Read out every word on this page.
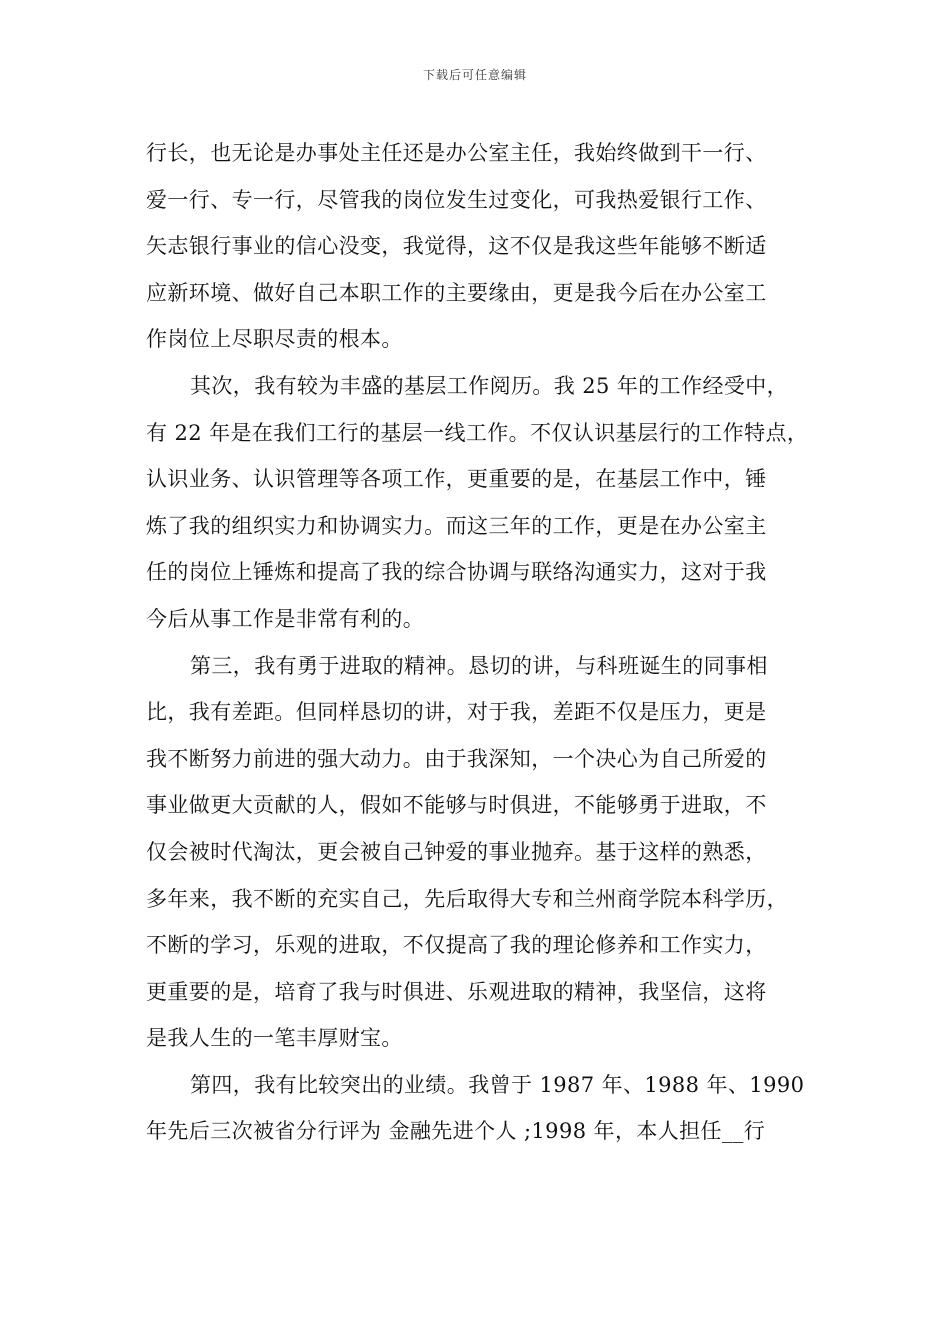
下载后可任意编辑
行长，也无论是办事处主任还是办公室主任，我始终做到干一行、
爱一行、专一行，尽管我的岗位发生过变化，可我热爱银行工作、
矢志银行事业的信心没变，我觉得，这不仅是我这些年能够不断适
应新环境、做好自己本职工作的主要缘由，更是我今后在办公室工
作岗位上尽职尽责的根本。
其次，我有较为丰盛的基层工作阅历。我 25 年的工作经受中，
有 22 年是在我们工行的基层一线工作。不仅认识基层行的工作特点，
认识业务、认识管理等各项工作，更重要的是，在基层工作中，锤
炼了我的组织实力和协调实力。而这三年的工作，更是在办公室主
任的岗位上锤炼和提高了我的综合协调与联络沟通实力，这对于我
今后从事工作是非常有利的。
第三，我有勇于进取的精神。恳切的讲，与科班诞生的同事相
比，我有差距。但同样恳切的讲，对于我，差距不仅是压力，更是
我不断努力前进的强大动力。由于我深知，一个决心为自己所爱的
事业做更大贡献的人，假如不能够与时俱进，不能够勇于进取，不
仅会被时代淘汰，更会被自己钟爱的事业抛弃。基于这样的熟悉，
多年来，我不断的充实自己，先后取得大专和兰州商学院本科学历，
不断的学习，乐观的进取，不仅提高了我的理论修养和工作实力，
更重要的是，培育了我与时俱进、乐观进取的精神，我坚信，这将
是我人生的一笔丰厚财宝。
第四，我有比较突出的业绩。我曾于 1987 年、1988 年、1990
年先后三次被省分行评为 金融先进个人 ;1998 年，本人担任__行
